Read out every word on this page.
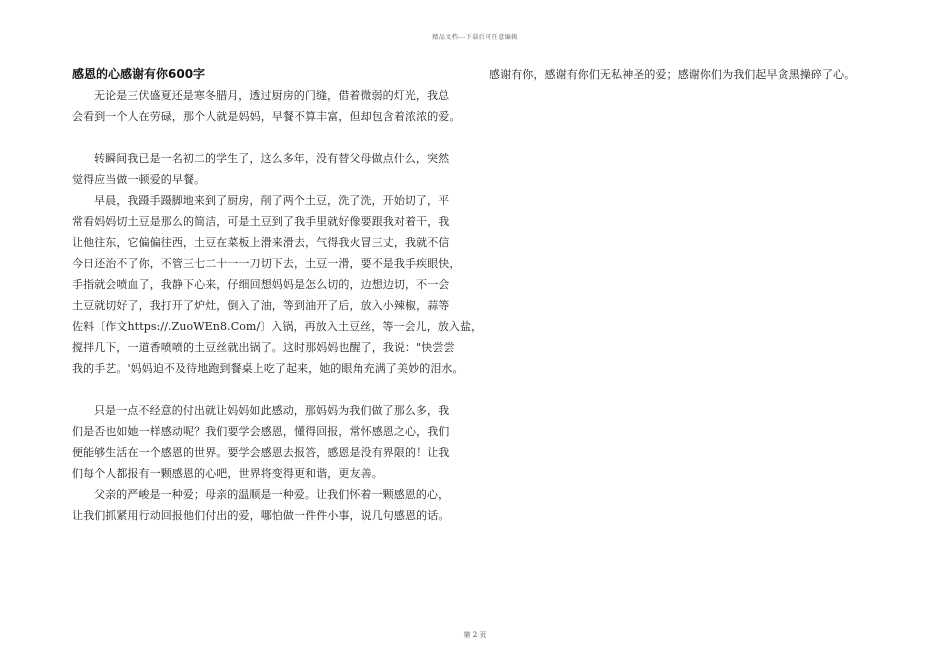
精品文档---下载后可任意编辑
感恩的心感谢有你600字
无论是三伏盛夏还是寒冬腊月，透过厨房的门缝，借着微弱的灯光，我总
会看到一个人在劳碌，那个人就是妈妈，早餐不算丰富，但却包含着浓浓的爱。
转瞬间我已是一名初二的学生了，这么多年，没有替父母做点什么，突然
觉得应当做一顿爱的早餐。
早晨，我蹑手蹑脚地来到了厨房，削了两个土豆，洗了洗，开始切了，平
常看妈妈切土豆是那么的简洁，可是土豆到了我手里就好像要跟我对着干，我
让他往东，它偏偏往西，土豆在菜板上滑来滑去，气得我火冒三丈，我就不信
今日还治不了你，不管三七二十一一刀切下去，土豆一滑，要不是我手疾眼快，
手指就会喷血了，我静下心来，仔细回想妈妈是怎么切的，边想边切，不一会
土豆就切好了，我打开了炉灶，倒入了油，等到油开了后，放入小辣椒，蒜等
佐料〔作文https://.ZuoWEn8.Com/〕入锅，再放入土豆丝，等一会儿，放入盐，
搅拌几下，一道香喷喷的土豆丝就出锅了。这时那妈妈也醒了，我说："快尝尝
我的手艺。'妈妈迫不及待地跑到餐桌上吃了起来，她的眼角充满了美妙的泪水。
只是一点不经意的付出就让妈妈如此感动，那妈妈为我们做了那么多，我
们是否也如她一样感动呢？我们要学会感恩，懂得回报，常怀感恩之心，我们
便能够生活在一个感恩的世界。要学会感恩去报答，感恩是没有界限的！让我
们每个人都报有一颗感恩的心吧，世界将变得更和谐，更友善。
父亲的严峻是一种爱；母亲的温顺是一种爱。让我们怀着一颗感恩的心，
让我们抓紧用行动回报他们付出的爱，哪怕做一件件小事，说几句感恩的话。
感谢有你，感谢有你们无私神圣的爱；感谢你们为我们起早贪黑操碎了心。
第 2 页
